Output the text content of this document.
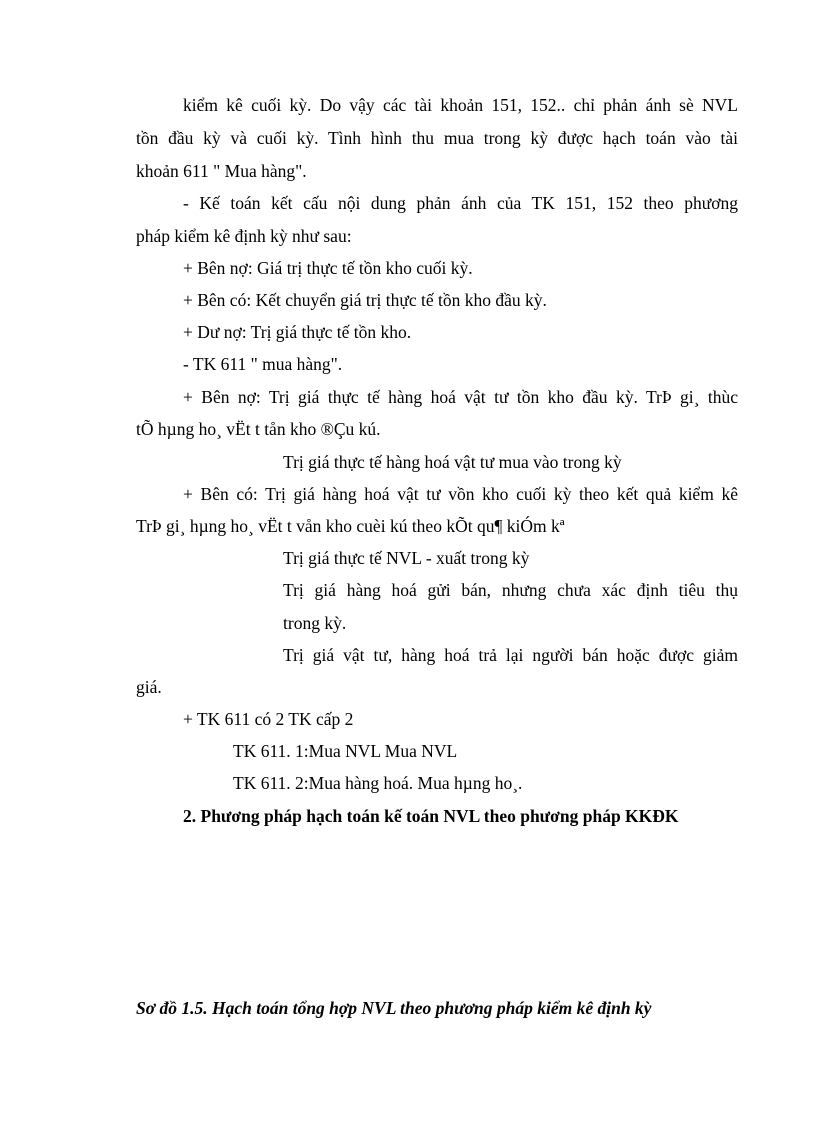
kiểm kê cuối kỳ. Do vậy các tài khoản 151, 152.. chỉ phản ánh sè NVL
tồn đầu kỳ và cuối kỳ. Tình hình thu mua trong kỳ được hạch toán vào tài
khoản 611 " Mua hàng".
- Kế toán kết cấu nội dung phản ánh của TK 151, 152 theo phương
pháp kiểm kê định kỳ như sau:
+ Bên nợ: Giá trị thực tế tồn kho cuối kỳ.
+ Bên có: Kết chuyển giá trị thực tế tồn kho đầu kỳ.
+ Dư nợ: Trị giá thực tế tồn kho.
- TK 611 " mua hàng".
+ Bên nợ: Trị giá thực tế hàng hoá vật tư tồn kho đầu kỳ. TrÞ gi¸ thùc
tÕ hµng ho¸ vËt t tån kho ®Çu kú.
Trị giá thực tế hàng hoá vật tư mua vào trong kỳ
+ Bên có: Trị giá hàng hoá vật tư vồn kho cuối kỳ theo kết quả kiểm kê
TrÞ gi¸ hµng ho¸ vËt t vån kho cuèi kú theo kÕt qu¶ kiÓm kª
Trị giá thực tế NVL - xuất trong kỳ
Trị giá hàng hoá gửi bán, nhưng chưa xác định tiêu thụ
trong kỳ.
Trị giá vật tư, hàng hoá trả lại người bán hoặc được giảm
giá.
+ TK 611 có 2 TK cấp 2
TK 611. 1:Mua NVL Mua NVL
TK 611. 2:Mua hàng hoá. Mua hµng ho¸.
2. Phương pháp hạch toán kế toán NVL theo phương pháp KKĐK
Sơ đồ 1.5. Hạch toán tổng hợp NVL theo phương pháp kiểm kê định kỳ
